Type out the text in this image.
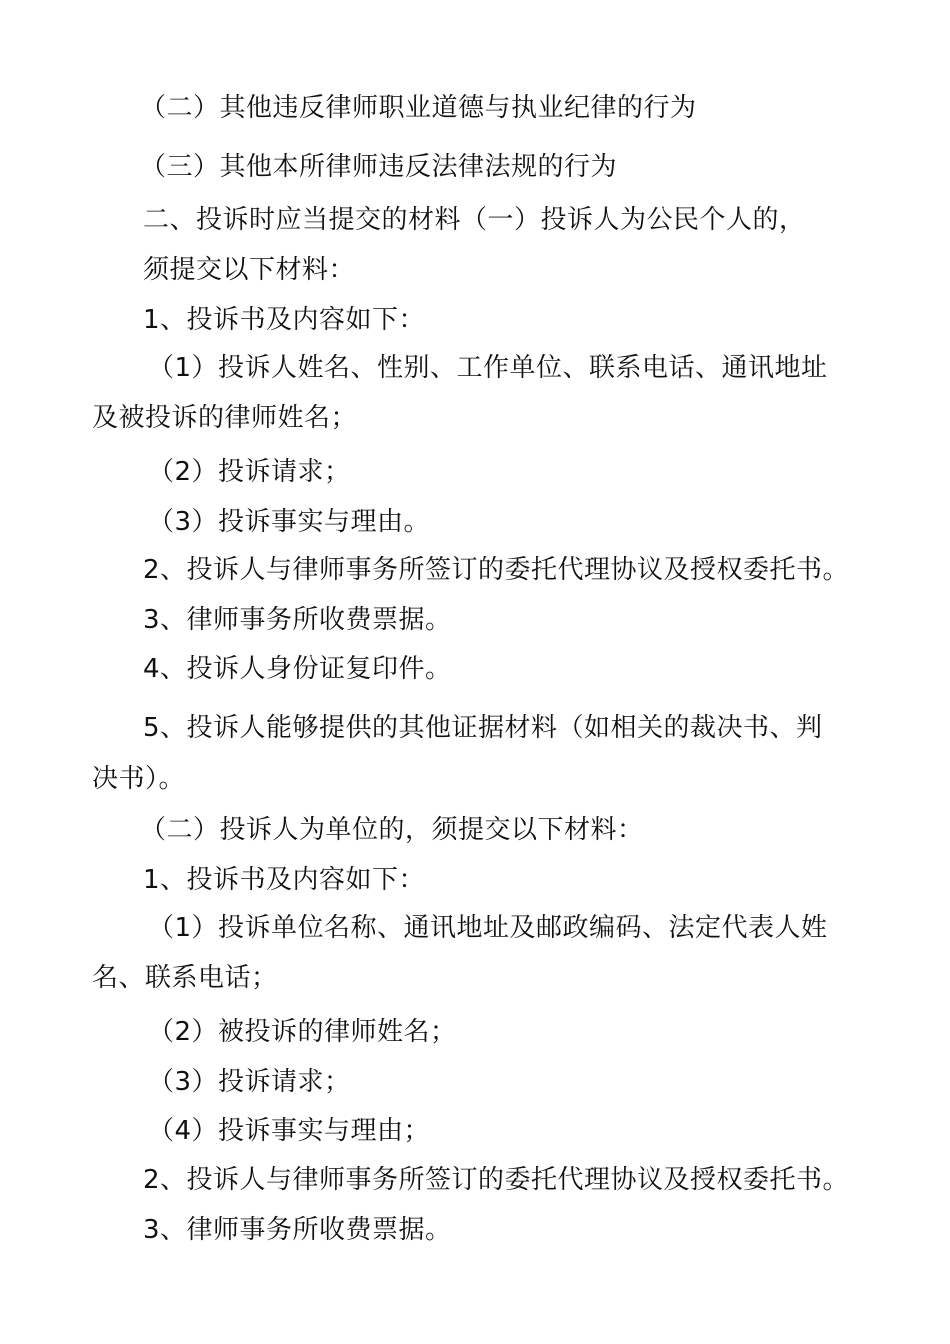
（二）其他违反律师职业道德与执业纪律的行为
（三）其他本所律师违反法律法规的行为
二、投诉时应当提交的材料（一）投诉人为公民个人的，
须提交以下材料：
1、投诉书及内容如下：
（1）投诉人姓名、性别、工作单位、联系电话、通讯地址
及被投诉的律师姓名；
（2）投诉请求；
（3）投诉事实与理由。
2、投诉人与律师事务所签订的委托代理协议及授权委托书。
3、律师事务所收费票据。
4、投诉人身份证复印件。
5、投诉人能够提供的其他证据材料（如相关的裁决书、判
决书）。
（二）投诉人为单位的，须提交以下材料：
1、投诉书及内容如下：
（1）投诉单位名称、通讯地址及邮政编码、法定代表人姓
名、联系电话；
（2）被投诉的律师姓名；
（3）投诉请求；
（4）投诉事实与理由；
2、投诉人与律师事务所签订的委托代理协议及授权委托书。
3、律师事务所收费票据。
